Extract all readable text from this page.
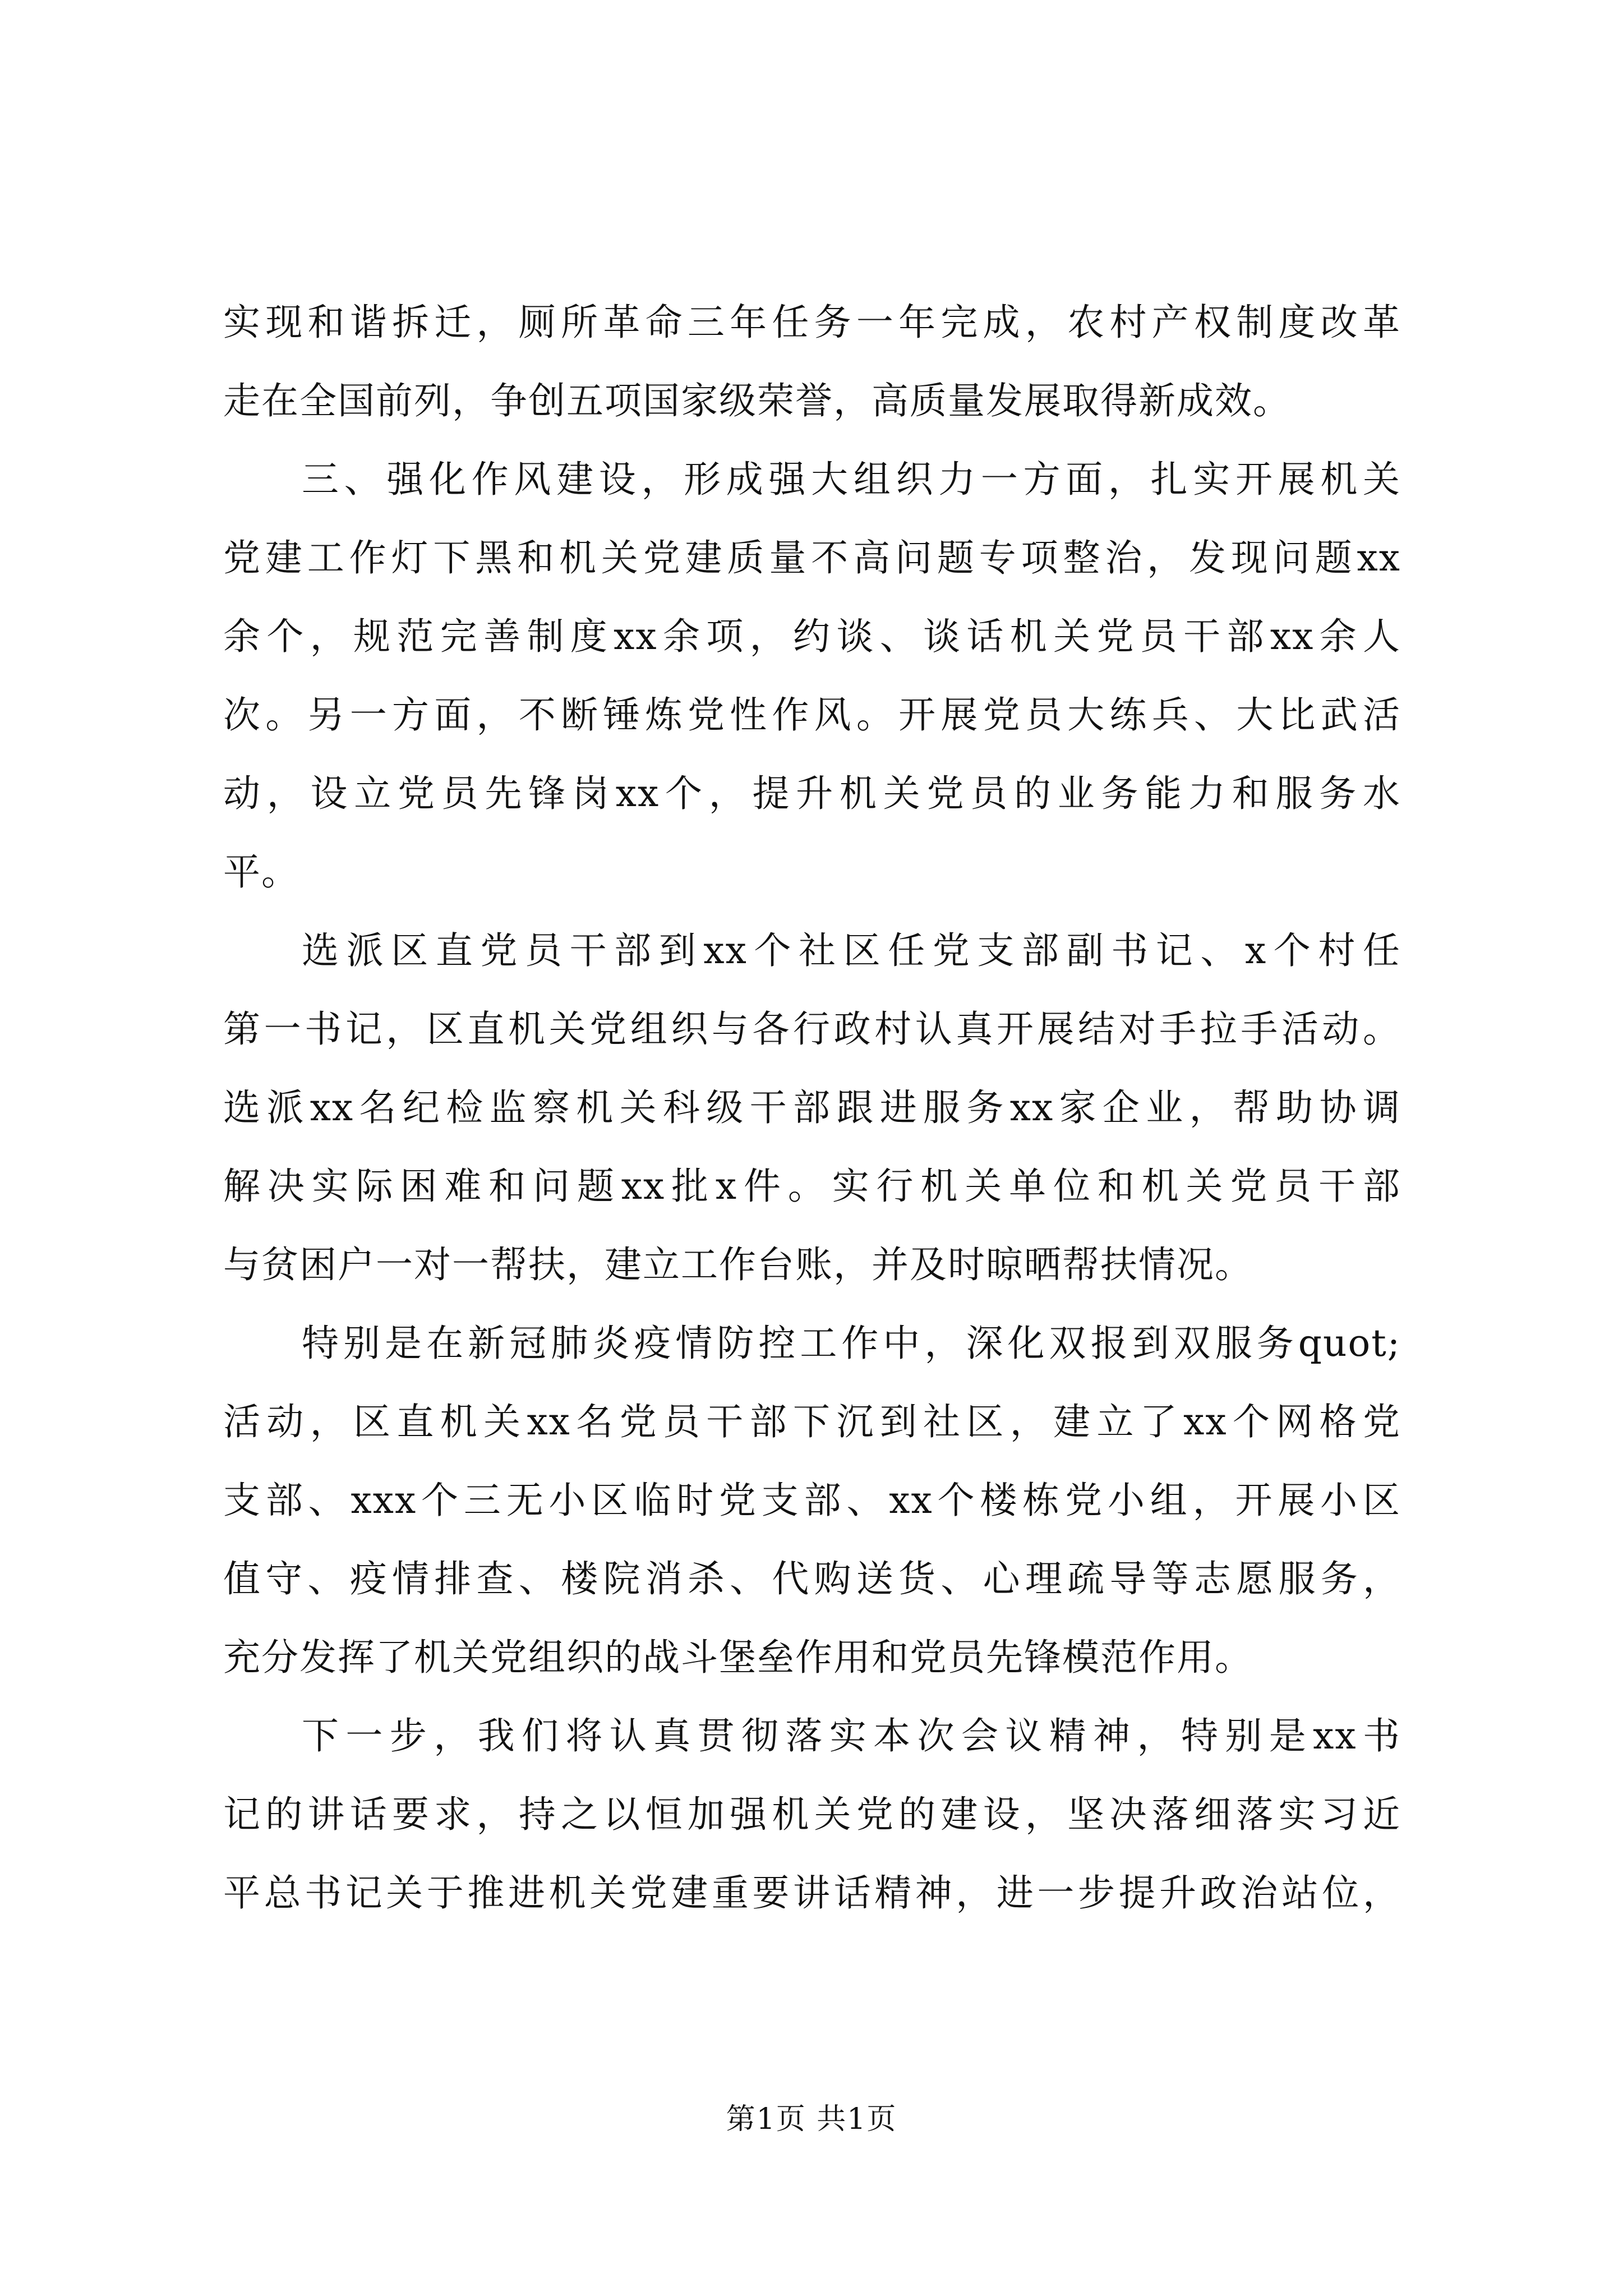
实现和谐拆迁，厕所革命三年任务一年完成，农村产权制度改革
走在全国前列，争创五项国家级荣誉，高质量发展取得新成效。
三、强化作风建设，形成强大组织力一方面，扎实开展机关
党建工作灯下黑和机关党建质量不高问题专项整治，发现问题xx
余个，规范完善制度xx余项，约谈、谈话机关党员干部xx余人
次。另一方面，不断锤炼党性作风。开展党员大练兵、大比武活
动，设立党员先锋岗xx个，提升机关党员的业务能力和服务水
平。
选派区直党员干部到xx个社区任党支部副书记、x个村任
第一书记，区直机关党组织与各行政村认真开展结对手拉手活动。
选派xx名纪检监察机关科级干部跟进服务xx家企业，帮助协调
解决实际困难和问题xx批x件。实行机关单位和机关党员干部
与贫困户一对一帮扶，建立工作台账，并及时晾晒帮扶情况。
特别是在新冠肺炎疫情防控工作中，深化双报到双服务quot;
活动，区直机关xx名党员干部下沉到社区，建立了xx个网格党
支部、xxx个三无小区临时党支部、xx个楼栋党小组，开展小区
值守、疫情排查、楼院消杀、代购送货、心理疏导等志愿服务，
充分发挥了机关党组织的战斗堡垒作用和党员先锋模范作用。
下一步，我们将认真贯彻落实本次会议精神，特别是xx书
记的讲话要求，持之以恒加强机关党的建设，坚决落细落实习近
平总书记关于推进机关党建重要讲话精神，进一步提升政治站位，
第1页 共1页
